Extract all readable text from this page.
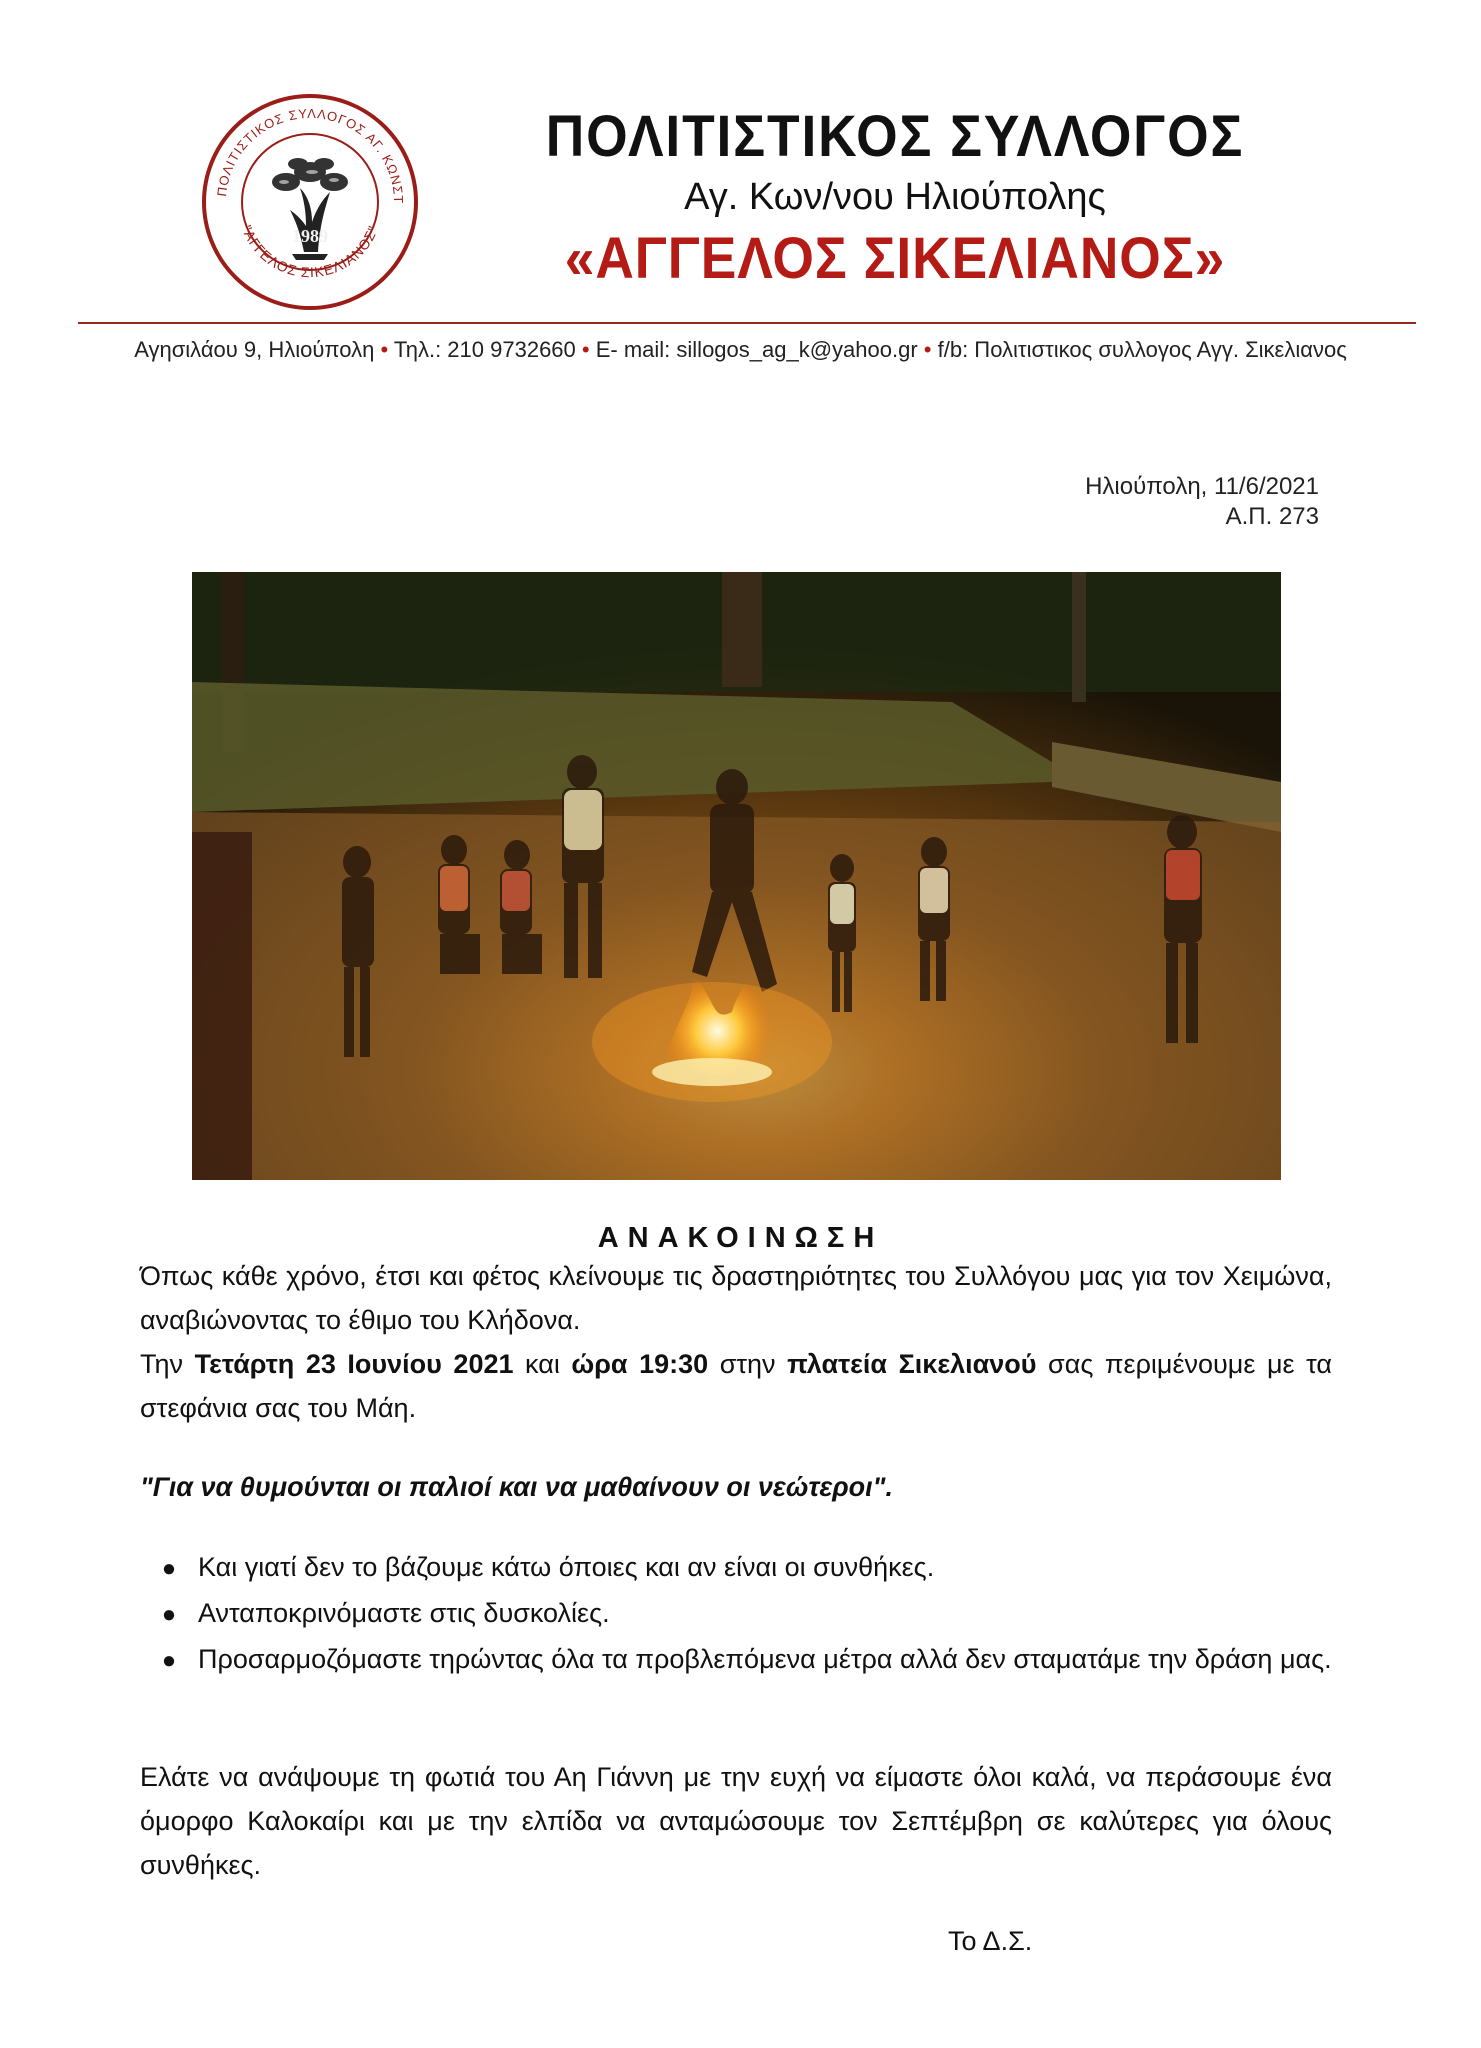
ΠΟΛΙΤΙΣΤΙΚΟΣ ΣΥΛΛΟΓΟΣ ΑΓ. ΚΩΝΣΤ
"ΑΓΓΕΛΟΣ ΣΙΚΕΛΙΑΝΟΣ"
1989
ΠΟΛΙΤΙΣΤΙΚΟΣ ΣΥΛΛΟΓΟΣ
Αγ. Κων/νου Ηλιούπολης
«ΑΓΓΕΛΟΣ ΣΙΚΕΛΙΑΝΟΣ»
Αγησιλάου 9, Ηλιούπολη • Τηλ.: 210 9732660 • E- mail: sillogos_ag_k@yahoo.gr • f/b: Πολιτιστικος συλλογος Αγγ. Σικελιανος
Ηλιούπολη, 11/6/2021
Α.Π. 273
ΑΝΑΚΟΙΝΩΣΗ
Όπως κάθε χρόνο, έτσι και φέτος κλείνουμε τις δραστηριότητες του Συλλόγου μας για τον Χειμώνα, αναβιώνοντας το έθιμο του Κλήδονα.
Την Τετάρτη 23 Ιουνίου 2021 και ώρα 19:30 στην πλατεία Σικελιανού σας περιμένουμε με τα στεφάνια σας του Μάη.
"Για να θυμούνται οι παλιοί και να μαθαίνουν οι νεώτεροι".
● Και γιατί δεν το βάζουμε κάτω όποιες και αν είναι οι συνθήκες.
● Ανταποκρινόμαστε στις δυσκολίες.
● Προσαρμοζόμαστε τηρώντας όλα τα προβλεπόμενα μέτρα αλλά δεν σταματάμε την δράση μας.
Ελάτε να ανάψουμε τη φωτιά του Αη Γιάννη με την ευχή να είμαστε όλοι καλά, να περάσουμε ένα όμορφο Καλοκαίρι και με την ελπίδα να ανταμώσουμε τον Σεπτέμβρη σε καλύτερες για όλους συνθήκες.
Το Δ.Σ.
